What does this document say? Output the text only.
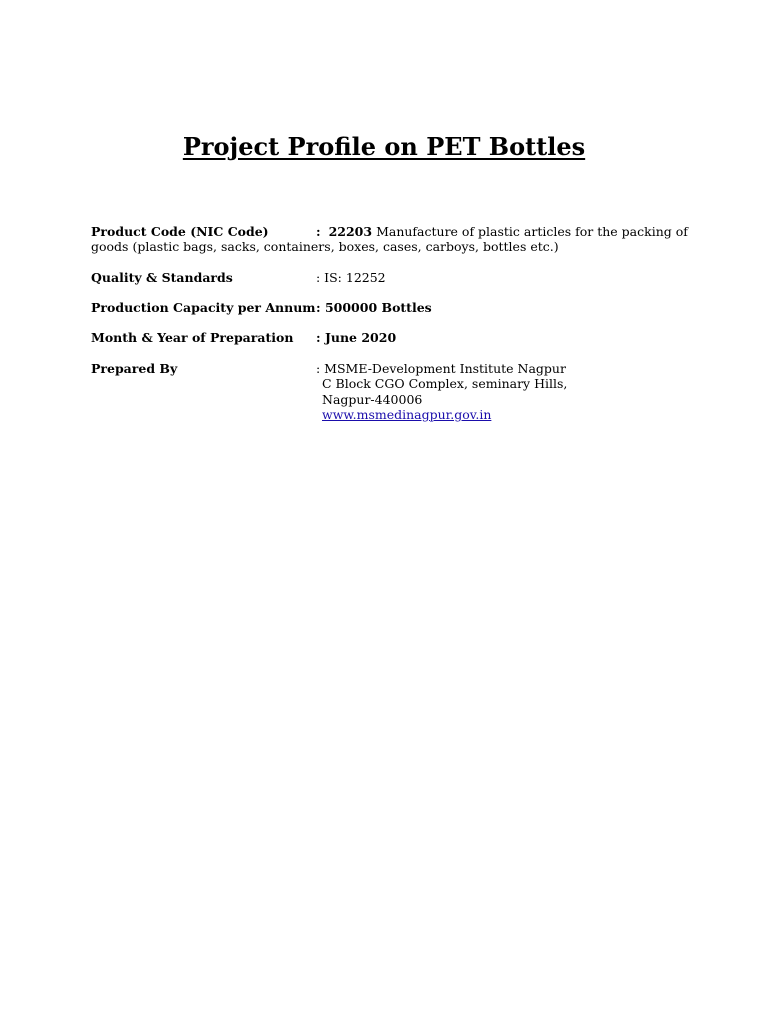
Project Profile on PET Bottles
Product Code (NIC Code)	: 22203 Manufacture of plastic articles for the packing of
goods (plastic bags, sacks, containers, boxes, cases, carboys, bottles etc.)
Quality & Standards	: IS: 12252
Production Capacity per Annum : 500000 Bottles
Month & Year of Preparation : June 2020
Prepared By	: MSME-Development Institute Nagpur
C Block CGO Complex, seminary Hills,
Nagpur-440006
www.msmedinagpur.gov.in
